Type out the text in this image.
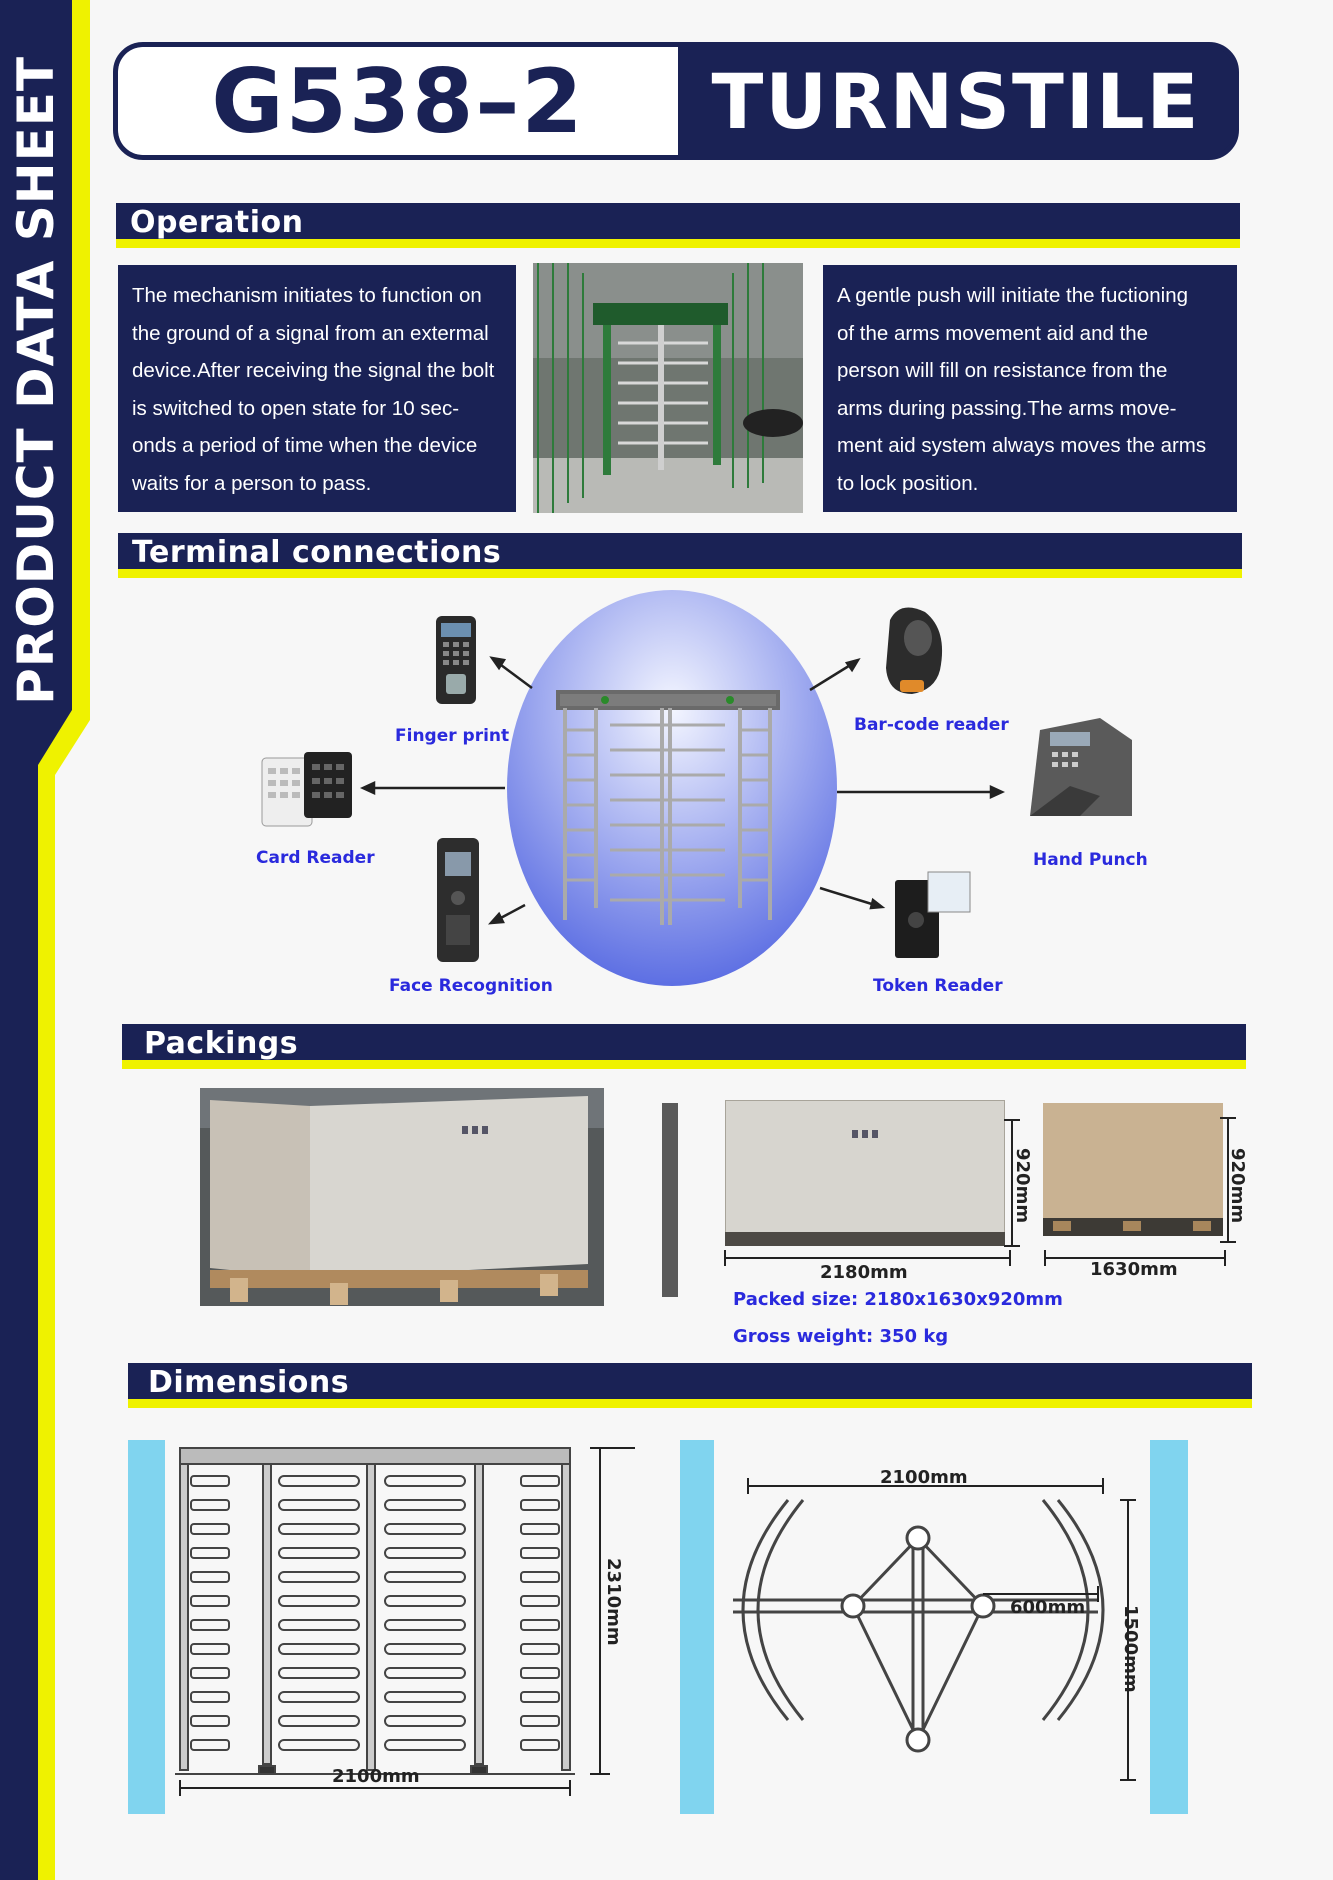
PRODUCT DATA SHEET G538–2 TURNSTILE
Operation
The mechanism initiates to function on
the ground of a signal from an extermal
device.After receiving the signal the bolt
is switched to open state for 10 sec-
onds a period of time when the device
waits for a person to pass.
A gentle push will initiate the fuctioning
of the arms movement aid and the
person will fill on resistance from the
arms during passing.The arms move-
ment aid system always moves the arms
to lock position.
Terminal connections
Finger print
Card Reader
Face Recognition
Bar-code reader
Hand Punch
Token Reader
Packings
2180mm	1630mm
920mm	920mm
Packed size: 2180x1630x920mm
Gross weight: 350 kg
Dimensions
2100mm
2310mm
2100mm
600mm 1500mm
